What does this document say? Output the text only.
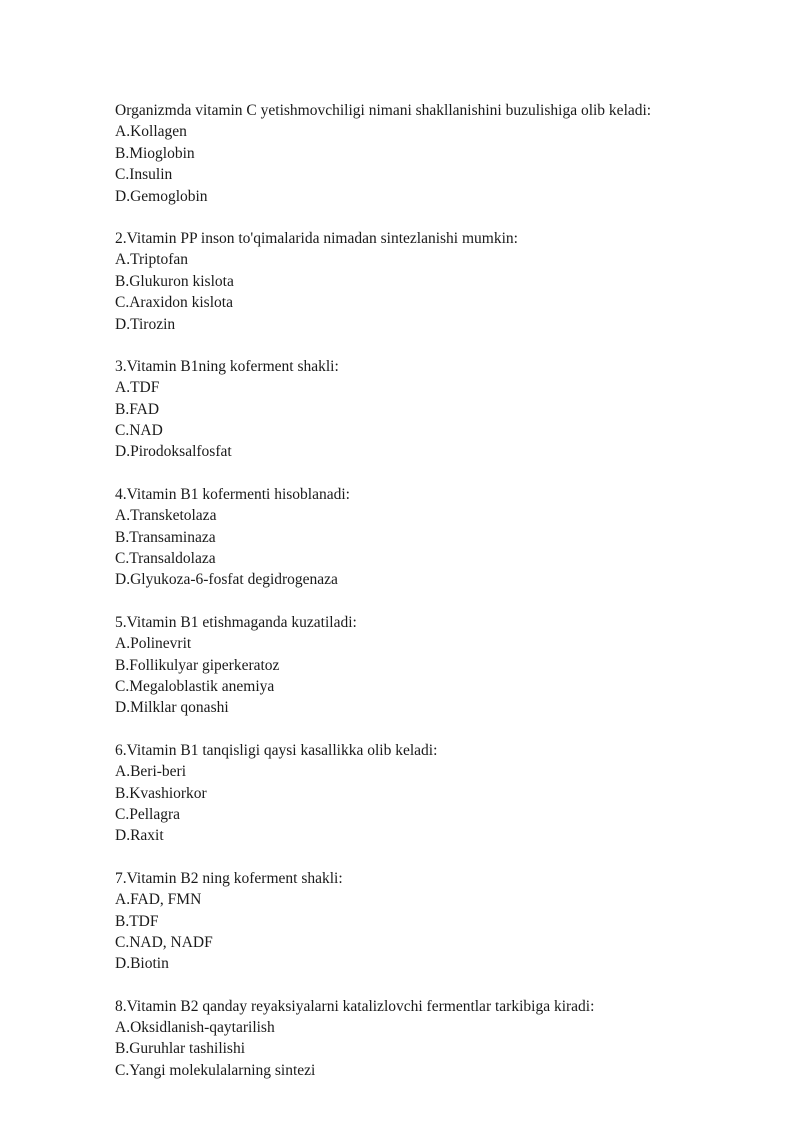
Organizmda vitamin C yetishmovchiligi nimani shakllanishini buzulishiga olib keladi:
A.Kollagen
B.Mioglobin
C.Insulin
D.Gemoglobin
2.Vitamin PP inson to'qimalarida nimadan sintezlanishi mumkin:
A.Triptofan
B.Glukuron kislota
C.Araxidon kislota
D.Tirozin
3.Vitamin B1ning koferment shakli:
A.TDF
B.FAD
C.NAD
D.Pirodoksalfosfat
4.Vitamin B1 kofermenti hisoblanadi:
A.Transketolaza
B.Transaminaza
C.Transaldolaza
D.Glyukoza-6-fosfat degidrogenaza
5.Vitamin B1 etishmaganda kuzatiladi:
A.Polinevrit
B.Follikulyar giperkeratoz
C.Megaloblastik anemiya
D.Milklar qonashi
6.Vitamin B1 tanqisligi qaysi kasallikka olib keladi:
A.Beri-beri
B.Kvashiorkor
C.Pellagra
D.Raxit
7.Vitamin B2 ning koferment shakli:
A.FAD, FMN
B.TDF
C.NAD, NADF
D.Biotin
8.Vitamin B2 qanday reyaksiyalarni katalizlovchi fermentlar tarkibiga kiradi:
A.Oksidlanish-qaytarilish
B.Guruhlar tashilishi
C.Yangi molekulalarning sintezi
